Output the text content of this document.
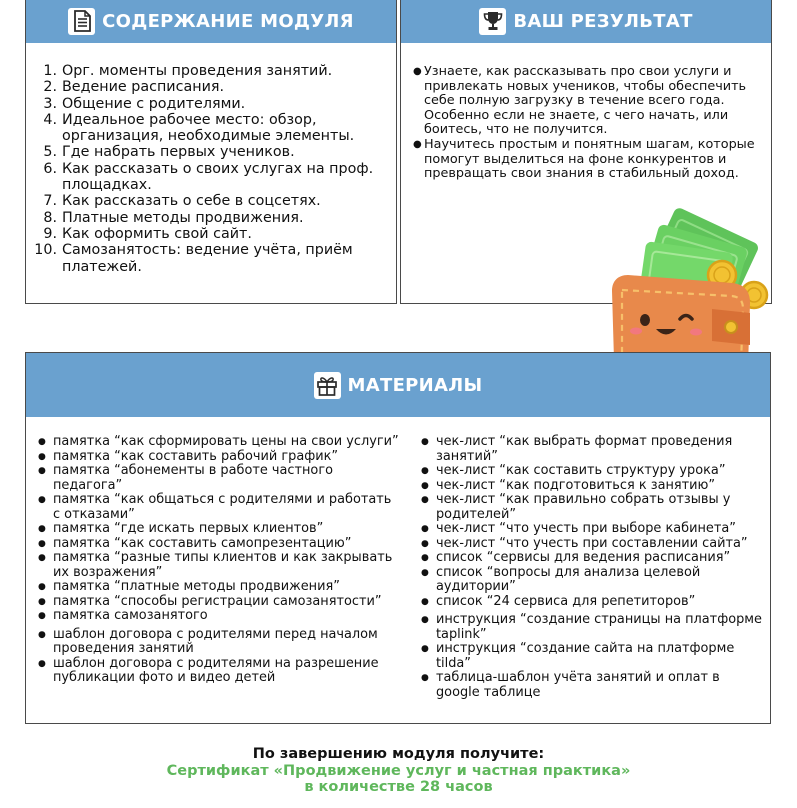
СОДЕРЖАНИЕ МОДУЛЯ
1. Орг. моменты проведения занятий.
2. Ведение расписания.
3. Общение с родителями.
4. Идеальное рабочее место: обзор, организация, необходимые элементы.
5. Где набрать первых учеников.
6. Как рассказать о своих услугах на проф. площадках.
7. Как рассказать о себе в соцсетях.
8. Платные методы продвижения.
9. Как оформить свой сайт.
10. Самозанятость: ведение учёта, приём платежей.
ВАШ РЕЗУЛЬТАТ
● Узнаете, как рассказывать про свои услуги и привлекать новых учеников, чтобы обеспечить себе полную загрузку в течение всего года. Особенно если не знаете, с чего начать, или боитесь, что не получится.
● Научитесь простым и понятным шагам, которые помогут выделиться на фоне конкурентов и превращать свои знания в стабильный доход.
МАТЕРИАЛЫ
● памятка “как сформировать цены на свои услуги”
● памятка “как составить рабочий график”
● памятка “абонементы в работе частного педагога”
● памятка “как общаться с родителями и работать с отказами”
● памятка “где искать первых клиентов”
● памятка “как составить самопрезентацию”
● памятка “разные типы клиентов и как закрывать их возражения”
● памятка “платные методы продвижения”
● памятка “способы регистрации самозанятости”
● памятка самозанятого
● шаблон договора с родителями перед началом проведения занятий
● шаблон договора с родителями на разрешение публикации фото и видео детей
● чек-лист “как выбрать формат проведения занятий”
● чек-лист “как составить структуру урока”
● чек-лист “как подготовиться к занятию”
● чек-лист “как правильно собрать отзывы у родителей”
● чек-лист “что учесть при выборе кабинета”
● чек-лист “что учесть при составлении сайта”
● список “сервисы для ведения расписания”
● список “вопросы для анализа целевой аудитории”
● список “24 сервиса для репетиторов”
● инструкция “создание страницы на платформе taplink”
● инструкция “создание сайта на платформе tilda”
● таблица-шаблон учёта занятий и оплат в google таблице
По завершению модуля получите:
Сертификат «Продвижение услуг и частная практика»
в количестве 28 часов
